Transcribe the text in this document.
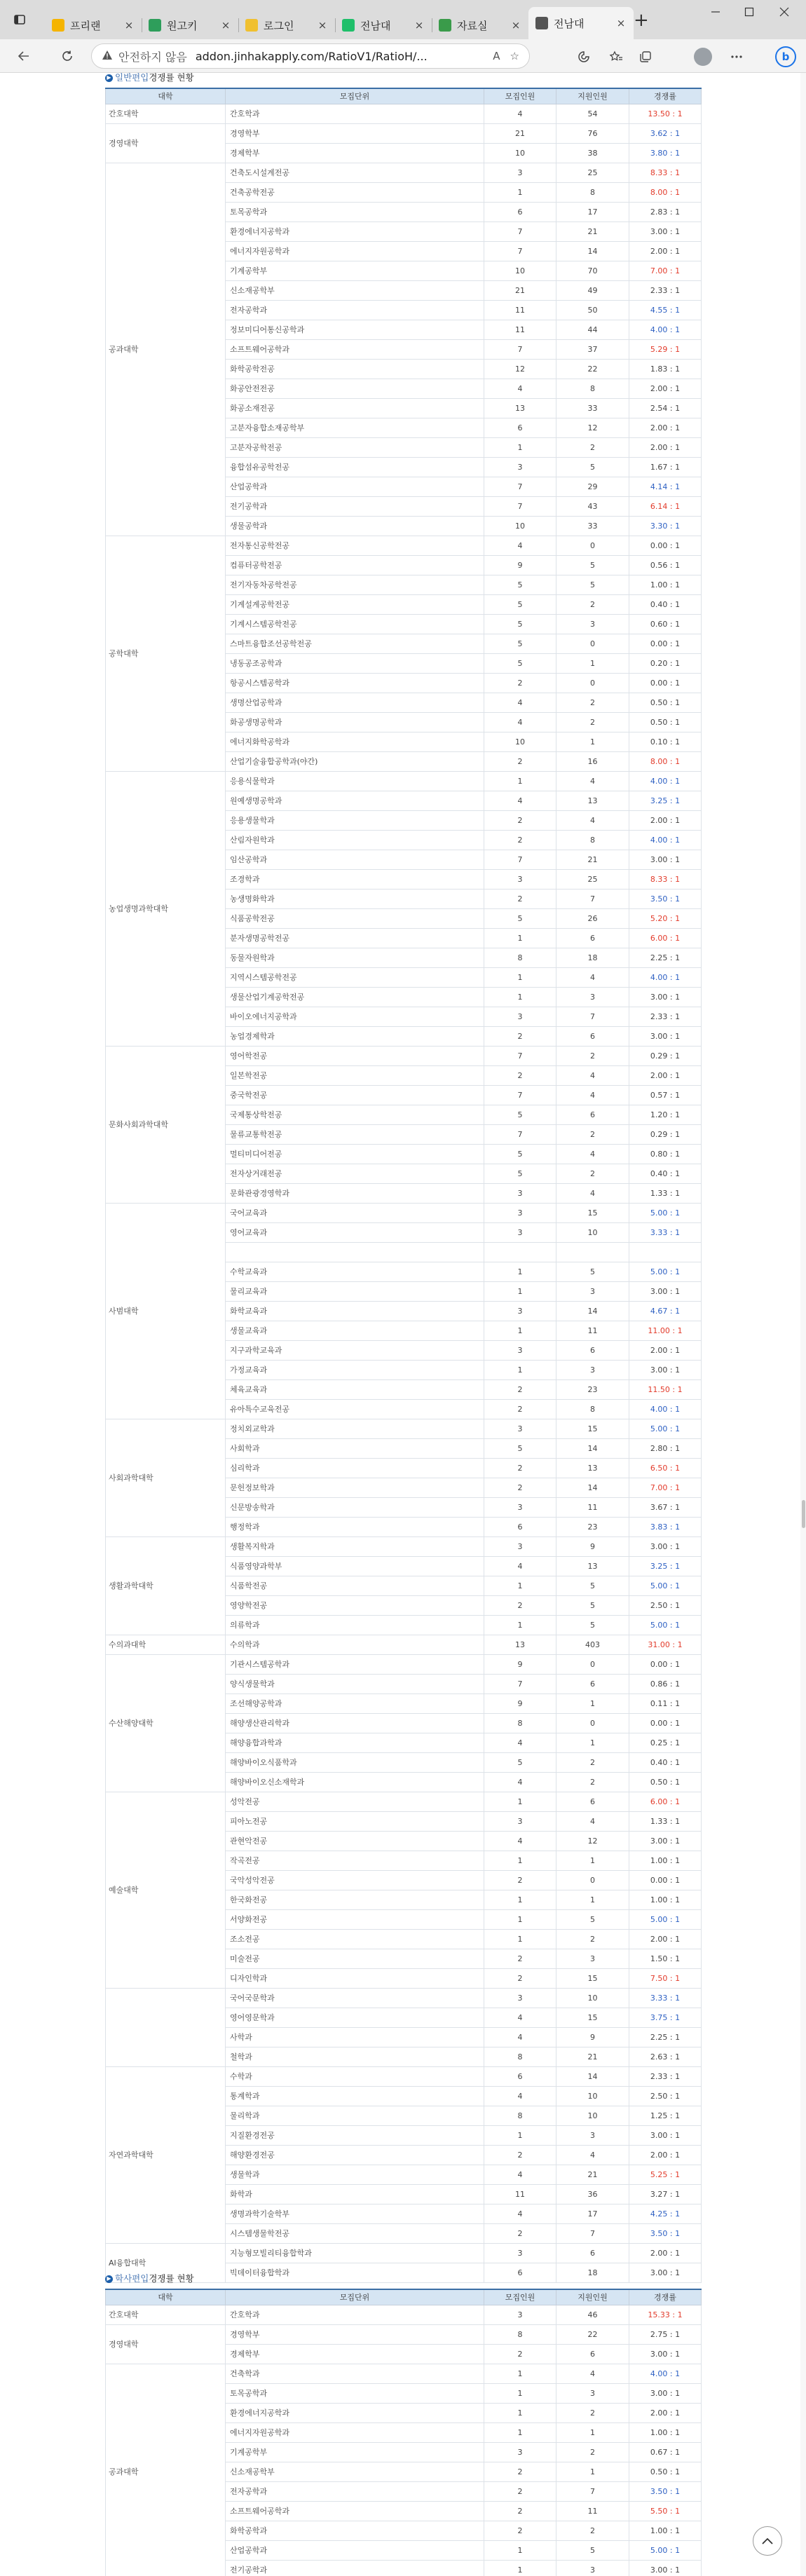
프리랜	×	원고키	×	로그인	×	전남대	×	자료실	×	전남대	× +
안전하지 않음 addon.jinhakapply.com/RatioV1/RatioH/...	A ☆	b
▶ 일반편입 경쟁률 현황
대학	모집단위	모집인원	지원인원	경쟁률
간호대학	간호학과	4	54	13.50 : 1
경영대학	경영학부	21	76	3.62 : 1
	경제학부	10	38	3.80 : 1
공과대학	건축도시설계전공	3	25	8.33 : 1
	건축공학전공	1	8	8.00 : 1
	토목공학과	6	17	2.83 : 1
	환경에너지공학과	7	21	3.00 : 1
	에너지자원공학과	7	14	2.00 : 1
	기계공학부	10	70	7.00 : 1
	신소재공학부	21	49	2.33 : 1
	전자공학과	11	50	4.55 : 1
	정보미디어통신공학과	11	44	4.00 : 1
	소프트웨어공학과	7	37	5.29 : 1
	화학공학전공	12	22	1.83 : 1
	화공안전전공	4	8	2.00 : 1
	화공소재전공	13	33	2.54 : 1
	고분자융합소재공학부	6	12	2.00 : 1
	고분자공학전공	1	2	2.00 : 1
	융합섬유공학전공	3	5	1.67 : 1
	산업공학과	7	29	4.14 : 1
	전기공학과	7	43	6.14 : 1
	생물공학과	10	33	3.30 : 1
공학대학	전자통신공학전공	4	0	0.00 : 1
	컴퓨터공학전공	9	5	0.56 : 1
	전기자동차공학전공	5	5	1.00 : 1
	기계설계공학전공	5	2	0.40 : 1
	기계시스템공학전공	5	3	0.60 : 1
	스마트융합조선공학전공	5	0	0.00 : 1
	냉동공조공학과	5	1	0.20 : 1
	항공시스템공학과	2	0	0.00 : 1
	생명산업공학과	4	2	0.50 : 1
	화공생명공학과	4	2	0.50 : 1
	에너지화학공학과	10	1	0.10 : 1
	산업기술융합공학과(야간)	2	16	8.00 : 1
농업생명과학대학	응용식물학과	1	4	4.00 : 1
	원예생명공학과	4	13	3.25 : 1
	응용생물학과	2	4	2.00 : 1
	산림자원학과	2	8	4.00 : 1
	임산공학과	7	21	3.00 : 1
	조경학과	3	25	8.33 : 1
	농생명화학과	2	7	3.50 : 1
	식품공학전공	5	26	5.20 : 1
	분자생명공학전공	1	6	6.00 : 1
	동물자원학과	8	18	2.25 : 1
	지역시스템공학전공	1	4	4.00 : 1
	생물산업기계공학전공	1	3	3.00 : 1
	바이오에너지공학과	3	7	2.33 : 1
	농업경제학과	2	6	3.00 : 1
문화사회과학대학	영어학전공	7	2	0.29 : 1
	일본학전공	2	4	2.00 : 1
	중국학전공	7	4	0.57 : 1
	국제통상학전공	5	6	1.20 : 1
	물류교통학전공	7	2	0.29 : 1
	멀티미디어전공	5	4	0.80 : 1
	전자상거래전공	5	2	0.40 : 1
	문화관광경영학과	3	4	1.33 : 1
사범대학	국어교육과	3	15	5.00 : 1
	영어교육과	3	10	3.33 : 1

	수학교육과	1	5	5.00 : 1
	물리교육과	1	3	3.00 : 1
	화학교육과	3	14	4.67 : 1
	생물교육과	1	11	11.00 : 1
	지구과학교육과	3	6	2.00 : 1
	가정교육과	1	3	3.00 : 1
	체육교육과	2	23	11.50 : 1
	유아특수교육전공	2	8	4.00 : 1
사회과학대학	정치외교학과	3	15	5.00 : 1
	사회학과	5	14	2.80 : 1
	심리학과	2	13	6.50 : 1
	문헌정보학과	2	14	7.00 : 1
	신문방송학과	3	11	3.67 : 1
	행정학과	6	23	3.83 : 1
생활과학대학	생활복지학과	3	9	3.00 : 1
	식품영양과학부	4	13	3.25 : 1
	식품학전공	1	5	5.00 : 1
	영양학전공	2	5	2.50 : 1
	의류학과	1	5	5.00 : 1
수의과대학	수의학과	13	403	31.00 : 1
수산해양대학	기관시스템공학과	9	0	0.00 : 1
	양식생물학과	7	6	0.86 : 1
	조선해양공학과	9	1	0.11 : 1
	해양생산관리학과	8	0	0.00 : 1
	해양융합과학과	4	1	0.25 : 1
	해양바이오식품학과	5	2	0.40 : 1
	해양바이오신소재학과	4	2	0.50 : 1
예술대학	성악전공	1	6	6.00 : 1
	피아노전공	3	4	1.33 : 1
	관현악전공	4	12	3.00 : 1
	작곡전공	1	1	1.00 : 1
	국악성악전공	2	0	0.00 : 1
	한국화전공	1	1	1.00 : 1
	서양화전공	1	5	5.00 : 1
	조소전공	1	2	2.00 : 1
	미술전공	2	3	1.50 : 1
	디자인학과	2	15	7.50 : 1
	국어국문학과	3	10	3.33 : 1
	영어영문학과	4	15	3.75 : 1
	사학과	4	9	2.25 : 1
	철학과	8	21	2.63 : 1
자연과학대학	수학과	6	14	2.33 : 1
	통계학과	4	10	2.50 : 1
	물리학과	8	10	1.25 : 1
	지질환경전공	1	3	3.00 : 1
	해양환경전공	2	4	2.00 : 1
	생물학과	4	21	5.25 : 1
	화학과	11	36	3.27 : 1
	생명과학기술학부	4	17	4.25 : 1
	시스템생물학전공	2	7	3.50 : 1
AI융합대학	지능형모빌리티융합학과	3	6	2.00 : 1
	빅데이터융합학과	6	18	3.00 : 1
▶ 학사편입 경쟁률 현황
대학	모집단위	모집인원	지원인원	경쟁률
간호대학	간호학과	3	46	15.33 : 1
경영대학	경영학부	8	22	2.75 : 1
	경제학부	2	6	3.00 : 1
공과대학	건축학과	1	4	4.00 : 1
	토목공학과	1	3	3.00 : 1
	환경에너지공학과	1	2	2.00 : 1
	에너지자원공학과	1	1	1.00 : 1
	기계공학부	3	2	0.67 : 1
	신소재공학부	2	1	0.50 : 1
	전자공학과	2	7	3.50 : 1
	소프트웨어공학과	2	11	5.50 : 1
	화학공학과	2	2	1.00 : 1
	산업공학과	1	5	5.00 : 1
	전기공학과	1	3	3.00 : 1
